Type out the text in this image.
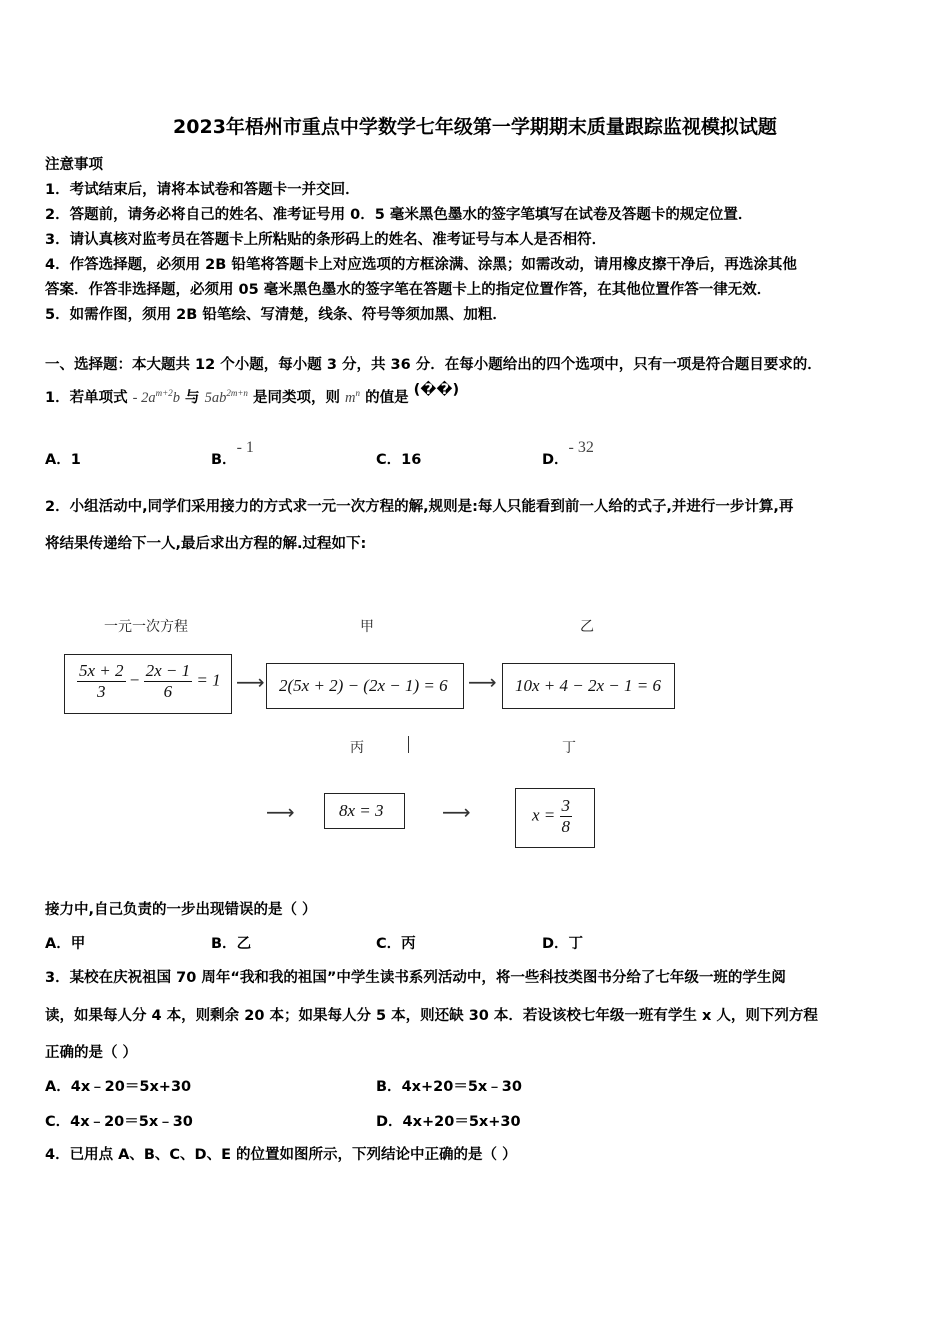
2023年梧州市重点中学数学七年级第一学期期末质量跟踪监视模拟试题
注意事项
1．考试结束后，请将本试卷和答题卡一并交回．
2．答题前，请务必将自己的姓名、准考证号用 0．5 毫米黑色墨水的签字笔填写在试卷及答题卡的规定位置．
3．请认真核对监考员在答题卡上所粘贴的条形码上的姓名、准考证号与本人是否相符．
4．作答选择题，必须用 2B 铅笔将答题卡上对应选项的方框涂满、涂黑；如需改动，请用橡皮擦干净后，再选涂其他
答案．作答非选择题，必须用 05 毫米黑色墨水的签字笔在答题卡上的指定位置作答，在其他位置作答一律无效．
5．如需作图，须用 2B 铅笔绘、写清楚，线条、符号等须加黑、加粗．
一、选择题：本大题共 12 个小题，每小题 3 分，共 36 分．在每小题给出的四个选项中，只有一项是符合题目要求的．
1．若单项式 - $2a^{m+2}b$ 与 $5ab^{2m+n}$ 是同类项，则 $m^n$ 的值是 (��)
A．1	B．- 1
C．16	D．- 32
2．小组活动中,同学们采用接力的方式求一元一次方程的解,规则是:每人只能看到前一人给的式子,并进行一步计算,再
将结果传递给下一人,最后求出方程的解.过程如下:
一元一次方程	甲	乙
$\frac{5x + 2}{3} - \frac{2x - 1}{6} = 1$ ⟶ 2(5x + 2) − (2x − 1) = 6 ⟶ 10x + 4 − 2x − 1 = 6
丙	丁
⟶	8x = 3	⟶	$x = \frac{3}{8}$
接力中,自己负责的一步出现错误的是（ ）
A．甲	B．乙	C．丙	D．丁
3．某校在庆祝祖国 70 周年“我和我的祖国”中学生读书系列活动中，将一些科技类图书分给了七年级一班的学生阅
读，如果每人分 4 本，则剩余 20 本；如果每人分 5 本，则还缺 30 本．若设该校七年级一班有学生 x 人，则下列方程
正确的是（ ）
A．4x﹣20＝5x+30	B．4x+20＝5x﹣30
C．4x﹣20＝5x﹣30	D．4x+20＝5x+30
4．已用点 A、B、C、D、E 的位置如图所示，下列结论中正确的是（ ）
